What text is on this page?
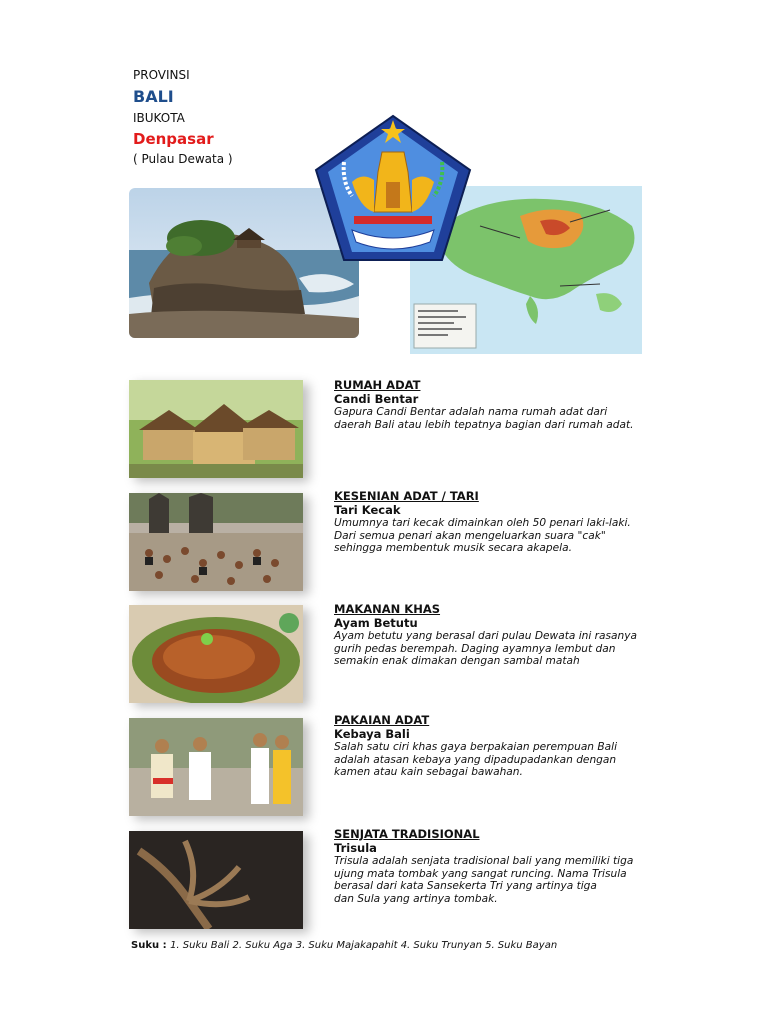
PROVINSI
BALI
IBUKOTA
Denpasar
( Pulau Dewata )
RUMAH ADAT
Candi Bentar
Gapura Candi Bentar adalah nama rumah adat dari
daerah Bali atau lebih tepatnya bagian dari rumah adat.
KESENIAN ADAT / TARI
Tari Kecak
Umumnya tari kecak dimainkan oleh 50 penari laki-laki.
Dari semua penari akan mengeluarkan suara "cak"
sehingga membentuk musik secara akapela.
MAKANAN KHAS
Ayam Betutu
Ayam betutu yang berasal dari pulau Dewata ini rasanya
gurih pedas berempah. Daging ayamnya lembut dan
semakin enak dimakan dengan sambal matah
PAKAIAN ADAT
Kebaya Bali
Salah satu ciri khas gaya berpakaian perempuan Bali
adalah atasan kebaya yang dipadupadankan dengan
kamen atau kain sebagai bawahan.
SENJATA TRADISIONAL
Trisula
Trisula adalah senjata tradisional bali yang memiliki tiga
ujung mata tombak yang sangat runcing. Nama Trisula
berasal dari kata Sansekerta Tri yang artinya tiga
dan Sula yang artinya tombak.
Suku : 1. Suku Bali 2. Suku Aga 3. Suku Majakapahit 4. Suku Trunyan 5. Suku Bayan
